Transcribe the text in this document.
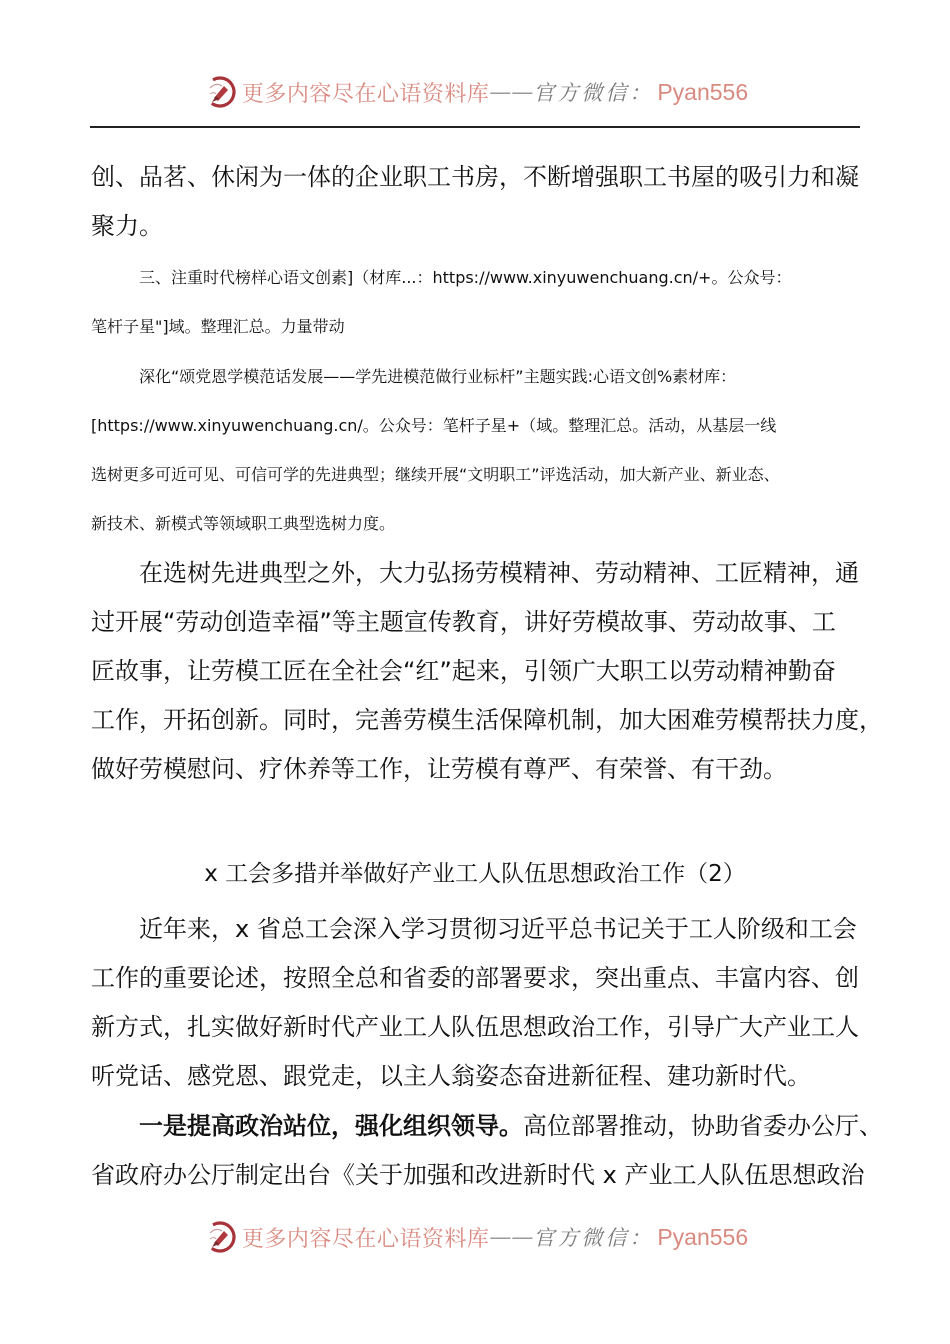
更多内容尽在心语资料库 —— 官方微信： Pyan556
创、品茗、休闲为一体的企业职工书房，不断增强职工书屋的吸引力和凝
聚力。
三、注重时代榜样心语文创素]（材库...：https://www.xinyuwenchuang.cn/+。公众号：
笔杆子星"]域。整理汇总。力量带动
深化“颂党恩学模范话发展——学先进模范做行业标杆”主题实践:心语文创%素材库：
[https://www.xinyuwenchuang.cn/。公众号：笔杆子星+（域。整理汇总。活动，从基层一线
选树更多可近可见、可信可学的先进典型；继续开展“文明职工”评选活动，加大新产业、新业态、
新技术、新模式等领域职工典型选树力度。
在选树先进典型之外，大力弘扬劳模精神、劳动精神、工匠精神，通
过开展“劳动创造幸福”等主题宣传教育，讲好劳模故事、劳动故事、工
匠故事，让劳模工匠在全社会“红”起来，引领广大职工以劳动精神勤奋
工作，开拓创新。同时，完善劳模生活保障机制，加大困难劳模帮扶力度，
做好劳模慰问、疗休养等工作，让劳模有尊严、有荣誉、有干劲。
x 工会多措并举做好产业工人队伍思想政治工作（2）
近年来，x 省总工会深入学习贯彻习近平总书记关于工人阶级和工会
工作的重要论述，按照全总和省委的部署要求，突出重点、丰富内容、创
新方式，扎实做好新时代产业工人队伍思想政治工作，引导广大产业工人
听党话、感党恩、跟党走，以主人翁姿态奋进新征程、建功新时代。
一是提高政治站位，强化组织领导。高位部署推动，协助省委办公厅、
省政府办公厅制定出台《关于加强和改进新时代 x 产业工人队伍思想政治
更多内容尽在心语资料库 —— 官方微信： Pyan556
